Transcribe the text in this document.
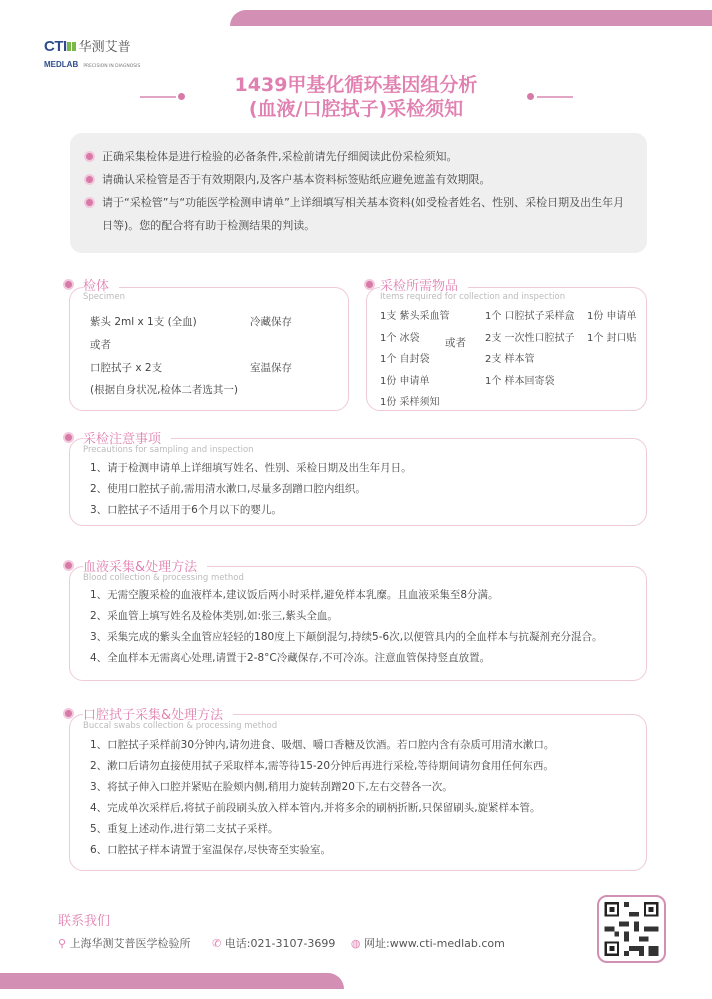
CTI 华测艾普
MEDLAB PRECISION IN DIAGNOSIS
1439甲基化循环基因组分析
(血液/口腔拭子)采检须知
正确采集检体是进行检验的必备条件,采检前请先仔细阅读此份采检须知。
请确认采检管是否于有效期限内,及客户基本资料标签贴纸应避免遮盖有效期限。
请于“采检管”与“功能医学检测申请单”上详细填写相关基本资料(如受检者姓名、性别、采检日期及出生年月日等)。您的配合将有助于检测结果的判读。
检体
Specimen
紫头 2ml x 1支 (全血)	冷藏保存
或者
口腔拭子 x 2支	室温保存
(根据自身状况,检体二者选其一)
采检所需物品
Items required for collection and inspection
1支 紫头采血管
1个 冰袋
1个 自封袋
1份 申请单
1份 采样须知
或者
1个 口腔拭子采样盒
2支 一次性口腔拭子
2支 样本管
1个 样本回寄袋
1份 申请单
1个 封口贴
采检注意事项
Precautions for sampling and inspection
1、请于检测申请单上详细填写姓名、性别、采检日期及出生年月日。
2、使用口腔拭子前,需用清水漱口,尽量多刮蹭口腔内组织。
3、口腔拭子不适用于6个月以下的婴儿。
血液采集&处理方法
Blood collection & processing method
1、无需空腹采检的血液样本,建议饭后两小时采样,避免样本乳糜。且血液采集至8分满。
2、采血管上填写姓名及检体类别,如:张三,紫头全血。
3、采集完成的紫头全血管应轻轻的180度上下颠倒混匀,持续5-6次,以便管具内的全血样本与抗凝剂充分混合。
4、全血样本无需离心处理,请置于2-8°C冷藏保存,不可冷冻。注意血管保持竖直放置。
口腔拭子采集&处理方法
Buccal swabs collection & processing method
1、口腔拭子采样前30分钟内,请勿进食、吸烟、嚼口香糖及饮酒。若口腔内含有杂质可用清水漱口。
2、漱口后请勿直接使用拭子采取样本,需等待15-20分钟后再进行采检,等待期间请勿食用任何东西。
3、将拭子伸入口腔并紧贴在脸颊内侧,稍用力旋转刮蹭20下,左右交替各一次。
4、完成单次采样后,将拭子前段刷头放入样本管内,并将多余的刷柄折断,只保留刷头,旋紧样本管。
5、重复上述动作,进行第二支拭子采样。
6、口腔拭子样本请置于室温保存,尽快寄至实验室。
联系我们
⚲ 上海华测艾普医学检验所 ✆ 电话:021-3107-3699 ◍ 网址:www.cti-medlab.com
